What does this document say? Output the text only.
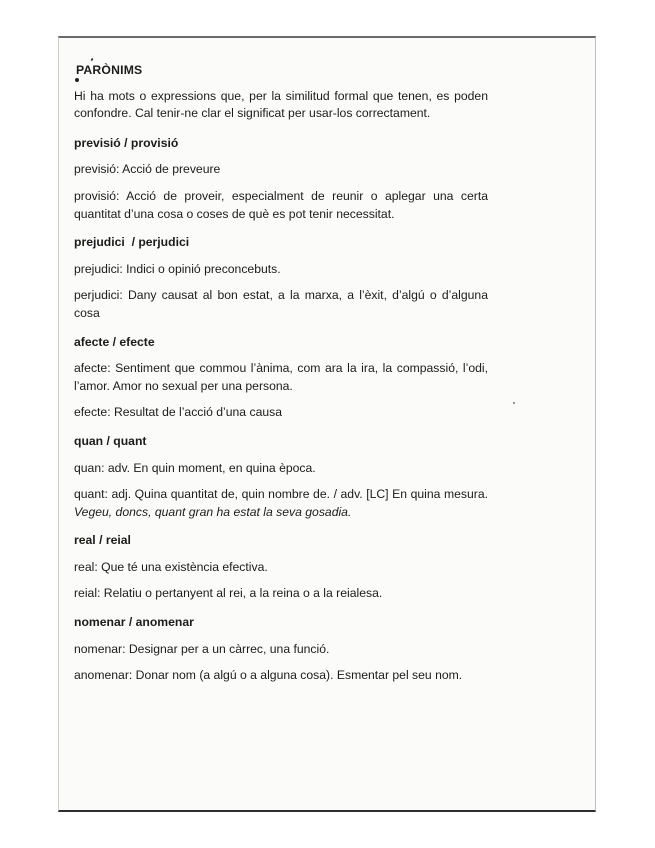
PARÒNIMS

Hi ha mots o expressions que, per la similitud formal que tenen, es poden confondre. Cal tenir-ne clar el significat per usar-los correctament.

previsió / provisió

previsió: Acció de preveure

provisió: Acció de proveir, especialment de reunir o aplegar una certa quantitat d’una cosa o coses de què es pot tenir necessitat.

prejudici  / perjudici

prejudici: Indici o opinió preconcebuts.

perjudici: Dany causat al bon estat, a la marxa, a l’èxit, d’algú o d’alguna cosa

afecte / efecte

afecte: Sentiment que commou l’ànima, com ara la ira, la compassió, l’odi, l’amor. Amor no sexual per una persona.

efecte: Resultat de l’acció d’una causa

quan / quant

quan: adv. En quin moment, en quina època.

quant: adj. Quina quantitat de, quin nombre de. / adv. [LC] En quina mesura. Vegeu, doncs, quant gran ha estat la seva gosadia.

real / reial

real: Que té una existència efectiva.

reial: Relatiu o pertanyent al rei, a la reina o a la reialesa.

nomenar / anomenar

nomenar: Designar per a un càrrec, una funció.

anomenar: Donar nom (a algú o a alguna cosa). Esmentar pel seu nom.
